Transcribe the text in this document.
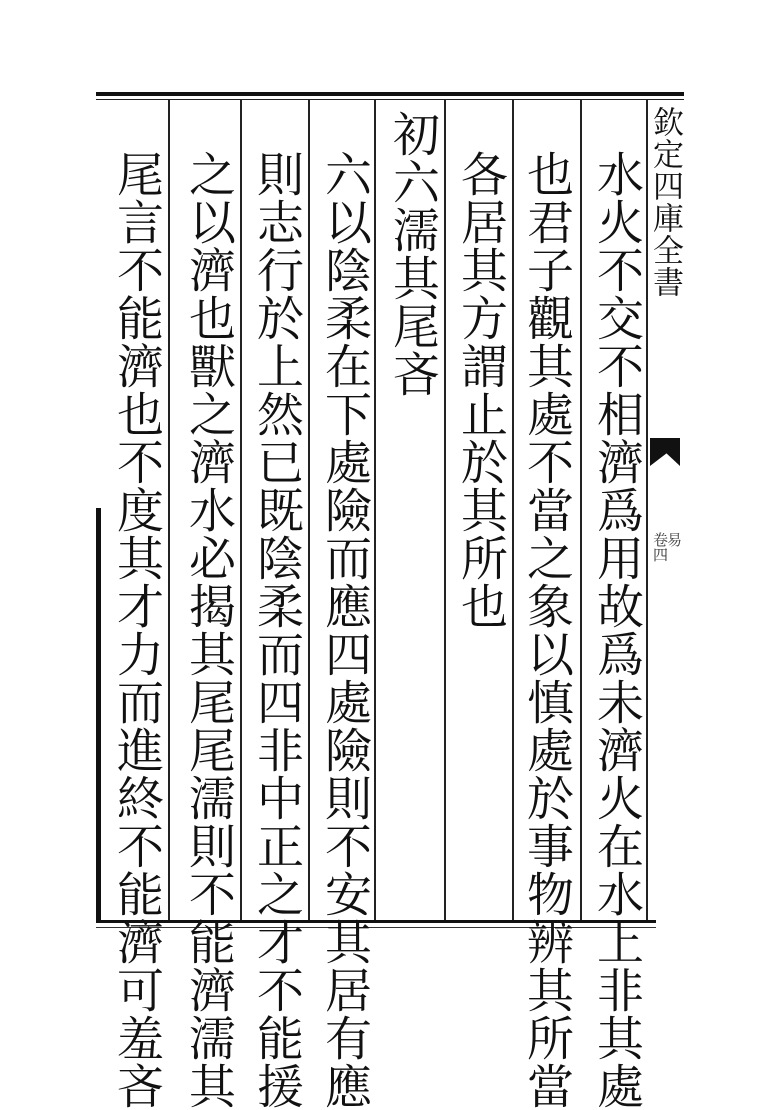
水火不交不相濟爲用故爲未濟火在水上非其處
也君子觀其處不當之象以慎處於事物辨其所當
各居其方謂止於其所也
初六濡其尾吝
六以陰柔在下處險而應四處險則不安其居有應
則志行於上然已既陰柔而四非中正之才不能援
之以濟也獸之濟水必揭其尾尾濡則不能濟濡其
尾言不能濟也不度其才力而進終不能濟可羞吝	欽定四庫全書
易
卷四
